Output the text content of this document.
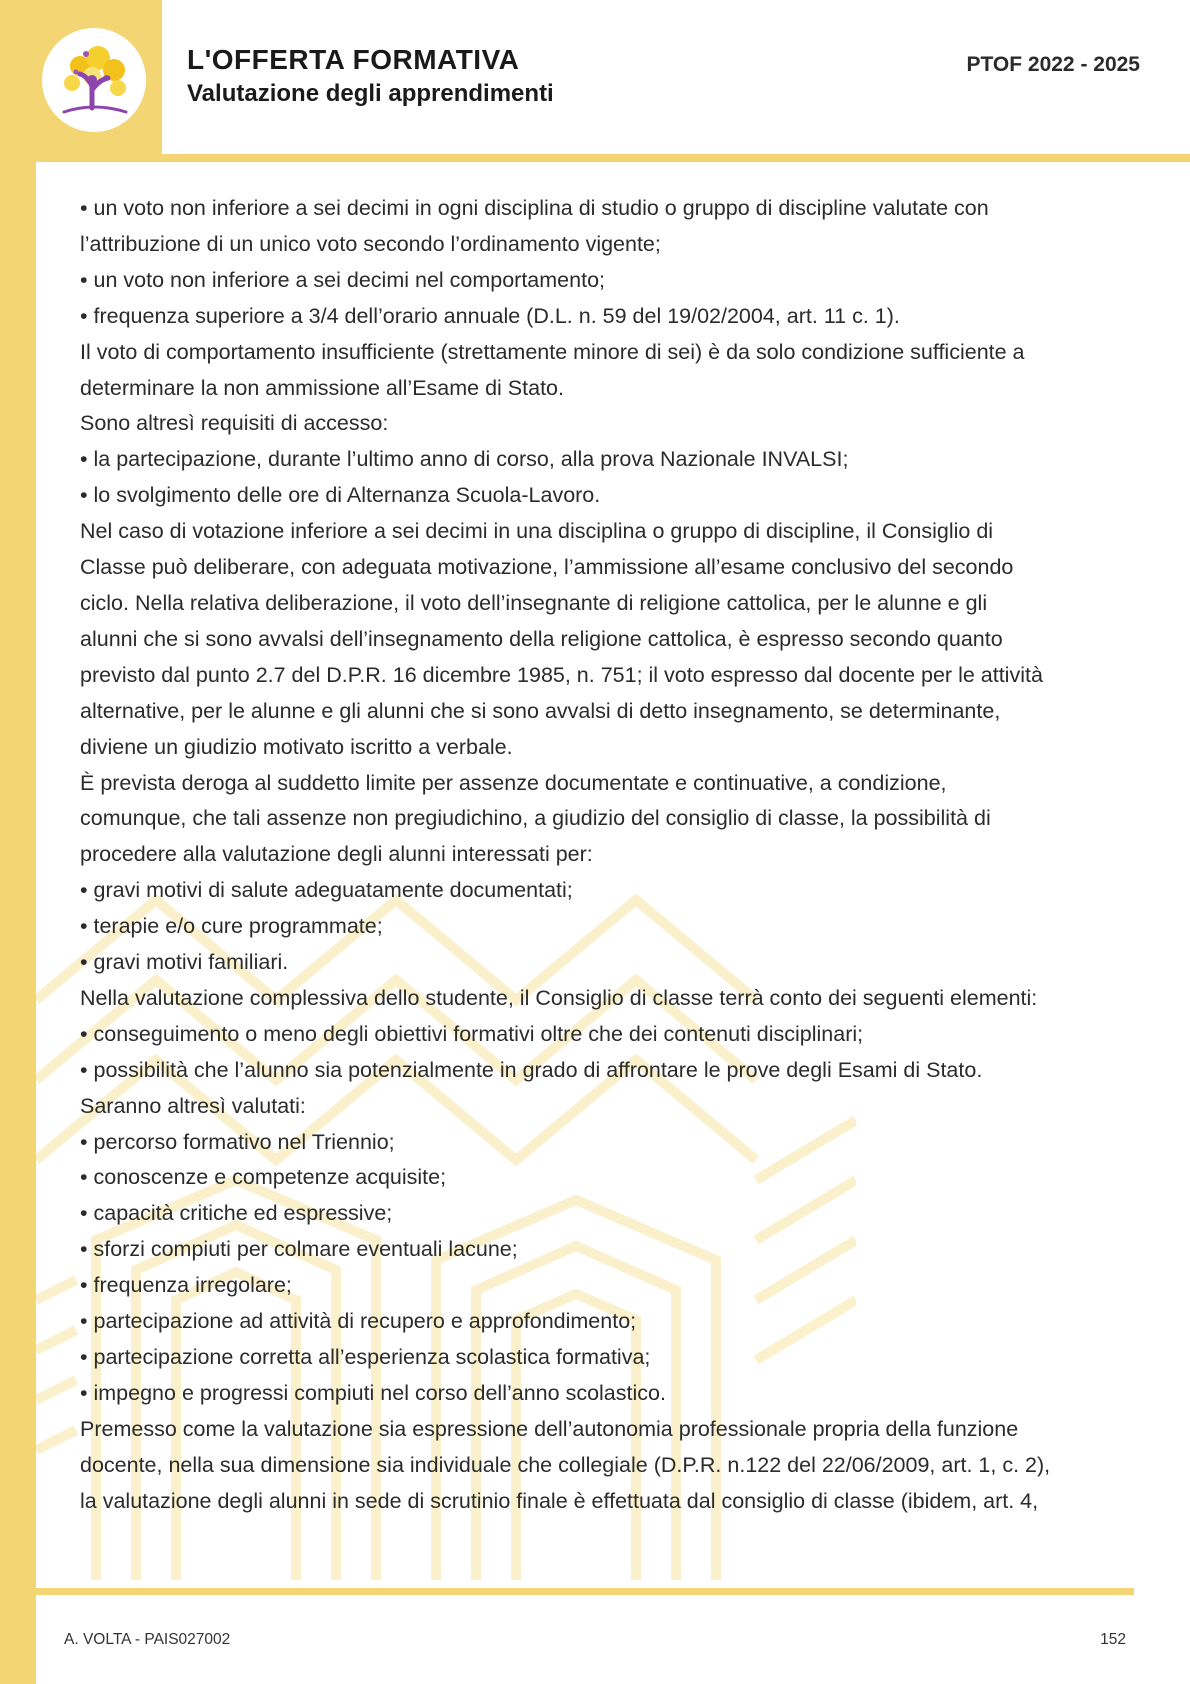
L'OFFERTA FORMATIVA
Valutazione degli apprendimenti
PTOF 2022 - 2025
• un voto non inferiore a sei decimi in ogni disciplina di studio o gruppo di discipline valutate con
l’attribuzione di un unico voto secondo l’ordinamento vigente;
• un voto non inferiore a sei decimi nel comportamento;
• frequenza superiore a 3/4 dell’orario annuale (D.L. n. 59 del 19/02/2004, art. 11 c. 1).
Il voto di comportamento insufficiente (strettamente minore di sei) è da solo condizione sufficiente a
determinare la non ammissione all’Esame di Stato.
Sono altresì requisiti di accesso:
• la partecipazione, durante l’ultimo anno di corso, alla prova Nazionale INVALSI;
• lo svolgimento delle ore di Alternanza Scuola-Lavoro.
Nel caso di votazione inferiore a sei decimi in una disciplina o gruppo di discipline, il Consiglio di
Classe può deliberare, con adeguata motivazione, l’ammissione all’esame conclusivo del secondo
ciclo. Nella relativa deliberazione, il voto dell’insegnante di religione cattolica, per le alunne e gli
alunni che si sono avvalsi dell’insegnamento della religione cattolica, è espresso secondo quanto
previsto dal punto 2.7 del D.P.R. 16 dicembre 1985, n. 751; il voto espresso dal docente per le attività
alternative, per le alunne e gli alunni che si sono avvalsi di detto insegnamento, se determinante,
diviene un giudizio motivato iscritto a verbale.
È prevista deroga al suddetto limite per assenze documentate e continuative, a condizione,
comunque, che tali assenze non pregiudichino, a giudizio del consiglio di classe, la possibilità di
procedere alla valutazione degli alunni interessati per:
• gravi motivi di salute adeguatamente documentati;
• terapie e/o cure programmate;
• gravi motivi familiari.
Nella valutazione complessiva dello studente, il Consiglio di classe terrà conto dei seguenti elementi:
• conseguimento o meno degli obiettivi formativi oltre che dei contenuti disciplinari;
• possibilità che l’alunno sia potenzialmente in grado di affrontare le prove degli Esami di Stato.
Saranno altresì valutati:
• percorso formativo nel Triennio;
• conoscenze e competenze acquisite;
• capacità critiche ed espressive;
• sforzi compiuti per colmare eventuali lacune;
• frequenza irregolare;
• partecipazione ad attività di recupero e approfondimento;
• partecipazione corretta all’esperienza scolastica formativa;
• impegno e progressi compiuti nel corso dell’anno scolastico.
Premesso come la valutazione sia espressione dell’autonomia professionale propria della funzione
docente, nella sua dimensione sia individuale che collegiale (D.P.R. n.122 del 22/06/2009, art. 1, c. 2),
la valutazione degli alunni in sede di scrutinio finale è effettuata dal consiglio di classe (ibidem, art. 4,
A. VOLTA - PAIS027002	152
